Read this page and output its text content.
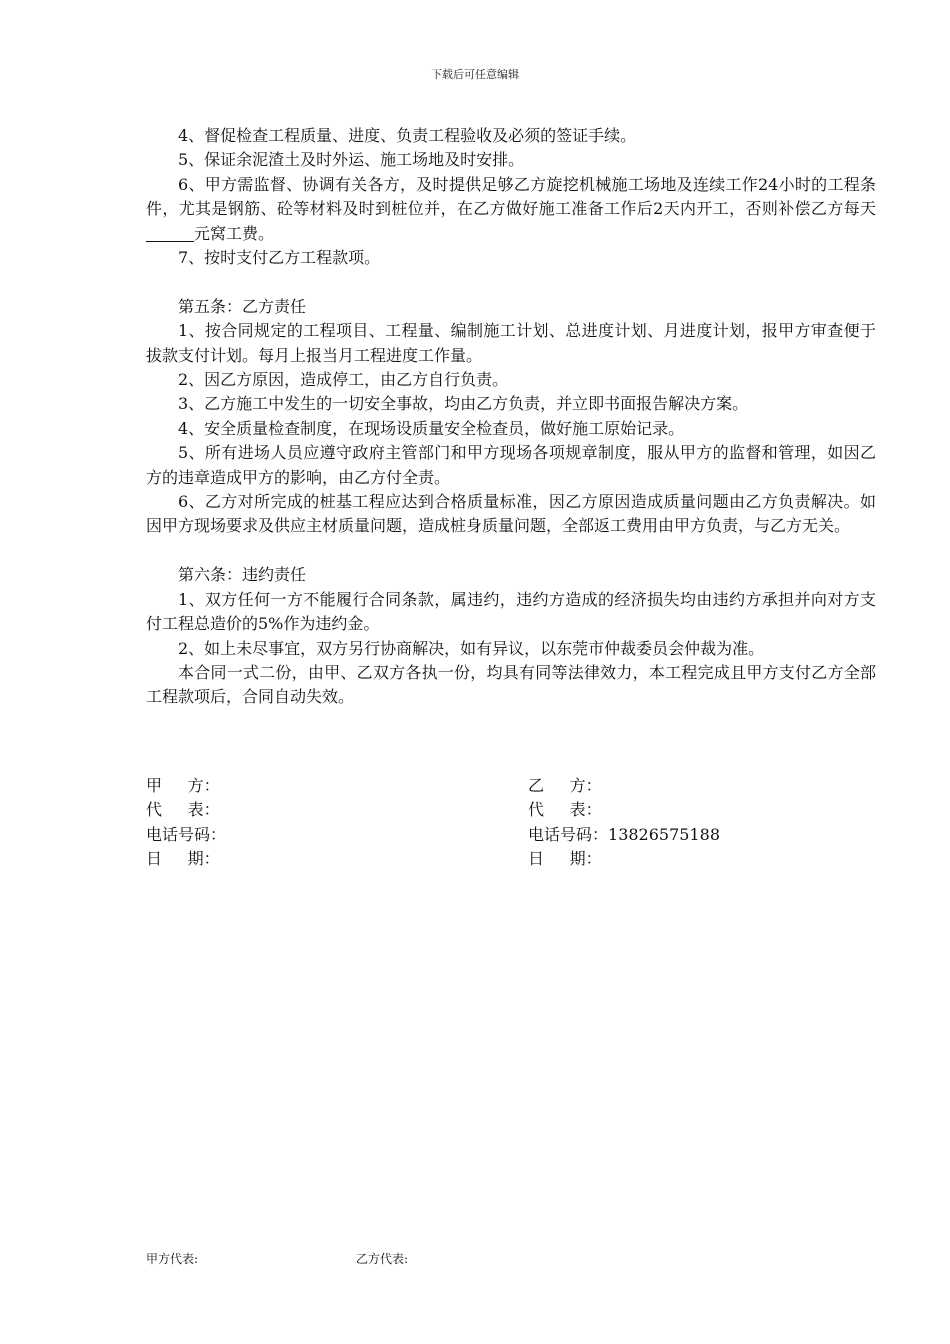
下载后可任意编辑

4、督促检查工程质量、进度、负责工程验收及必须的签证手续。

5、保证余泥渣土及时外运、施工场地及时安排。

6、甲方需监督、协调有关各方，及时提供足够乙方旋挖机械施工场地及连续工作24小时的工程条件，尤其是钢筋、砼等材料及时到桩位并，在乙方做好施工准备工作后2天内开工，否则补偿乙方每天元窝工费。

7、按时支付乙方工程款项。

第五条：乙方责任

1、按合同规定的工程项目、工程量、编制施工计划、总进度计划、月进度计划，报甲方审查便于拔款支付计划。每月上报当月工程进度工作量。

2、因乙方原因，造成停工，由乙方自行负责。

3、乙方施工中发生的一切安全事故，均由乙方负责，并立即书面报告解决方案。

4、安全质量检查制度，在现场设质量安全检查员，做好施工原始记录。

5、所有进场人员应遵守政府主管部门和甲方现场各项规章制度，服从甲方的监督和管理，如因乙方的违章造成甲方的影响，由乙方付全责。

6、乙方对所完成的桩基工程应达到合格质量标准，因乙方原因造成质量问题由乙方负责解决。如因甲方现场要求及供应主材质量问题，造成桩身质量问题，全部返工费用由甲方负责，与乙方无关。

第六条：违约责任

1、双方任何一方不能履行合同条款，属违约，违约方造成的经济损失均由违约方承担并向对方支付工程总造价的5%作为违约金。

2、如上未尽事宜，双方另行协商解决，如有异议，以东莞市仲裁委员会仲裁为准。

本合同一式二份，由甲、乙双方各执一份，均具有同等法律效力，本工程完成且甲方支付乙方全部工程款项后，合同自动失效。

甲方：	乙方：
代表：	代表：
电话号码：	电话号码：13826575188
日期：	日期：
甲方代表:	乙方代表:
